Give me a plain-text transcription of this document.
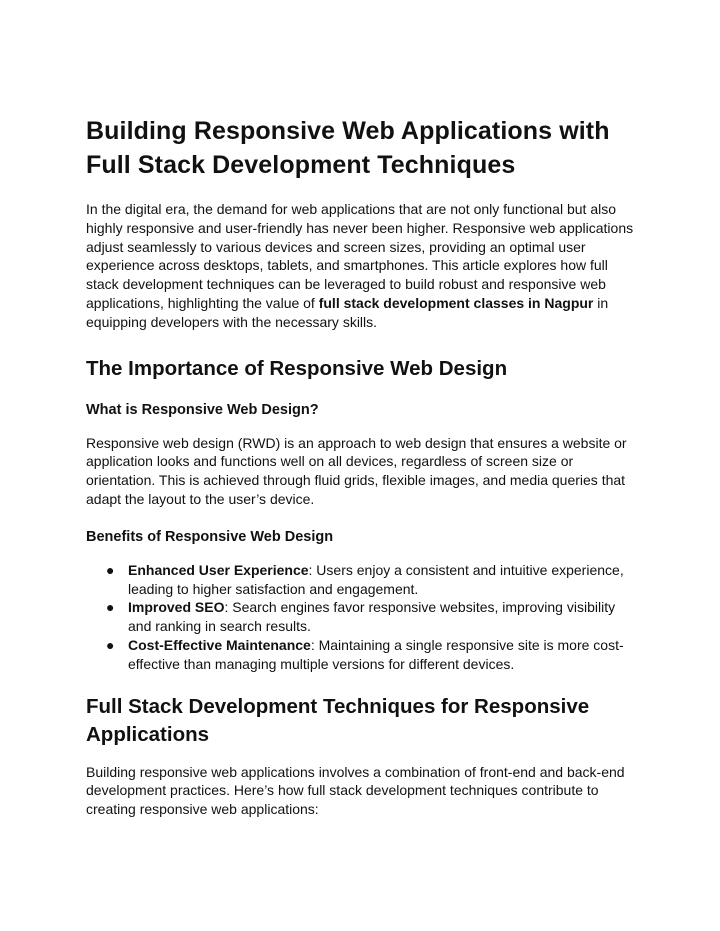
Building Responsive Web Applications with Full Stack Development Techniques

In the digital era, the demand for web applications that are not only functional but also highly responsive and user-friendly has never been higher. Responsive web applications adjust seamlessly to various devices and screen sizes, providing an optimal user experience across desktops, tablets, and smartphones. This article explores how full stack development techniques can be leveraged to build robust and responsive web applications, highlighting the value of full stack development classes in Nagpur in equipping developers with the necessary skills.

The Importance of Responsive Web Design
What is Responsive Web Design?

Responsive web design (RWD) is an approach to web design that ensures a website or application looks and functions well on all devices, regardless of screen size or orientation. This is achieved through fluid grids, flexible images, and media queries that adapt the layout to the user’s device.

Benefits of Responsive Web Design
● Enhanced User Experience: Users enjoy a consistent and intuitive experience, leading to higher satisfaction and engagement.
● Improved SEO: Search engines favor responsive websites, improving visibility and ranking in search results.
● Cost-Effective Maintenance: Maintaining a single responsive site is more cost-effective than managing multiple versions for different devices.
Full Stack Development Techniques for Responsive Applications

Building responsive web applications involves a combination of front-end and back-end development practices. Here’s how full stack development techniques contribute to creating responsive web applications:
